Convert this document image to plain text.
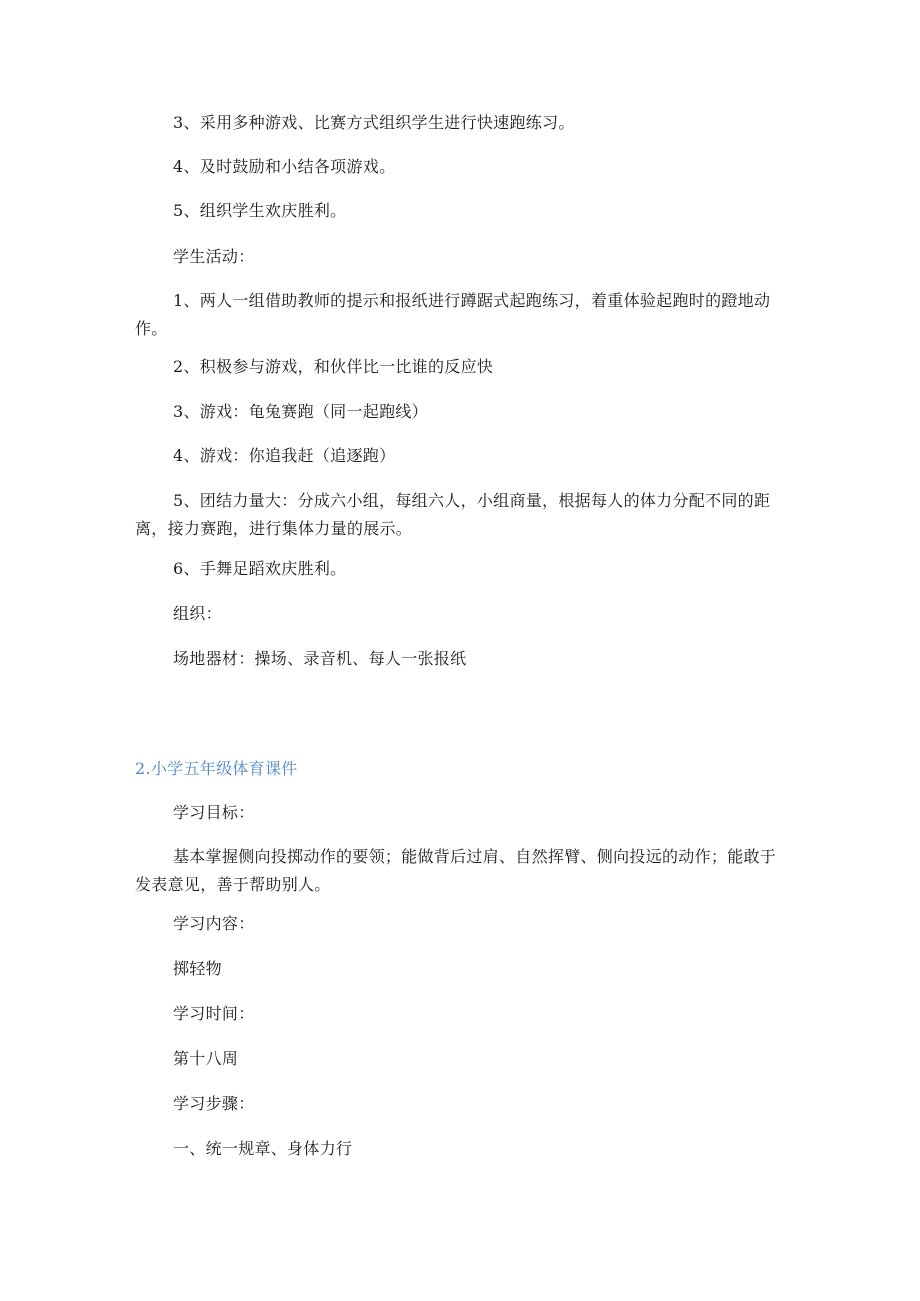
3、采用多种游戏、比赛方式组织学生进行快速跑练习。

4、及时鼓励和小结各项游戏。

5、组织学生欢庆胜利。

学生活动：

1、两人一组借助教师的提示和报纸进行蹲踞式起跑练习，着重体验起跑时的蹬地动作。

2、积极参与游戏，和伙伴比一比谁的反应快

3、游戏：龟兔赛跑（同一起跑线）

4、游戏：你追我赶（追逐跑）

5、团结力量大：分成六小组，每组六人，小组商量，根据每人的体力分配不同的距离，接力赛跑，进行集体力量的展示。

6、手舞足蹈欢庆胜利。

组织：

场地器材：操场、录音机、每人一张报纸

2.小学五年级体育课件

学习目标：

基本掌握侧向投掷动作的要领；能做背后过肩、自然挥臂、侧向投远的动作；能敢于发表意见，善于帮助别人。

学习内容：

掷轻物

学习时间：

第十八周

学习步骤：

一、统一规章、身体力行
